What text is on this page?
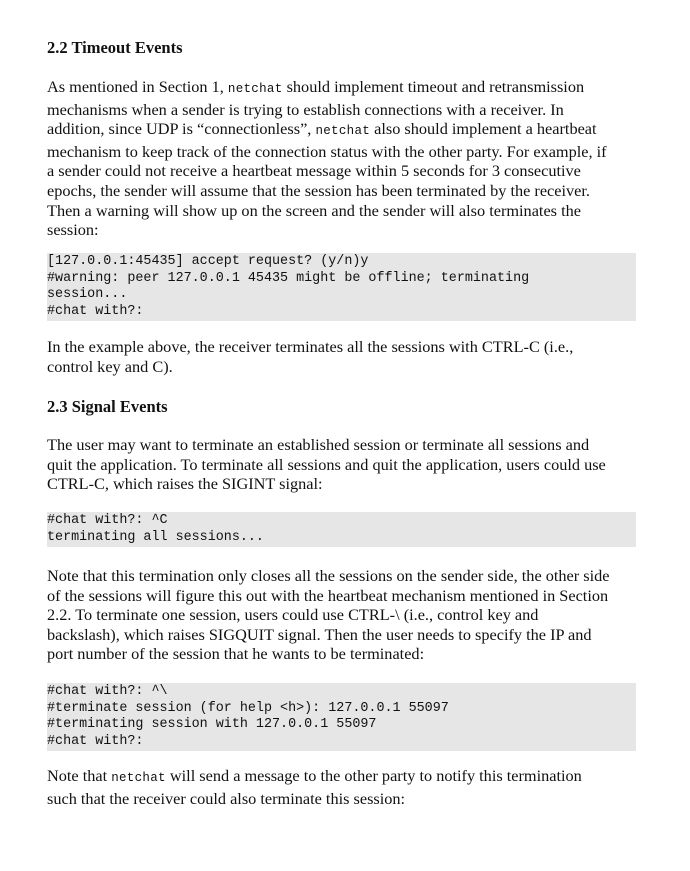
2.2 Timeout Events
As mentioned in Section 1, netchat should implement timeout and retransmission
mechanisms when a sender is trying to establish connections with a receiver. In
addition, since UDP is “connectionless”, netchat also should implement a heartbeat
mechanism to keep track of the connection status with the other party. For example, if
a sender could not receive a heartbeat message within 5 seconds for 3 consecutive
epochs, the sender will assume that the session has been terminated by the receiver.
Then a warning will show up on the screen and the sender will also terminates the
session:
[127.0.0.1:45435] accept request? (y/n)y
#warning: peer 127.0.0.1 45435 might be offline; terminating
session...
#chat with?:
In the example above, the receiver terminates all the sessions with CTRL-C (i.e.,
control key and C).
2.3 Signal Events
The user may want to terminate an established session or terminate all sessions and
quit the application. To terminate all sessions and quit the application, users could use
CTRL-C, which raises the SIGINT signal:
#chat with?: ^C
terminating all sessions...
Note that this termination only closes all the sessions on the sender side, the other side
of the sessions will figure this out with the heartbeat mechanism mentioned in Section
2.2. To terminate one session, users could use CTRL-\ (i.e., control key and
backslash), which raises SIGQUIT signal. Then the user needs to specify the IP and
port number of the session that he wants to be terminated:
#chat with?: ^\
#terminate session (for help <h>): 127.0.0.1 55097
#terminating session with 127.0.0.1 55097
#chat with?:
Note that netchat will send a message to the other party to notify this termination
such that the receiver could also terminate this session:
